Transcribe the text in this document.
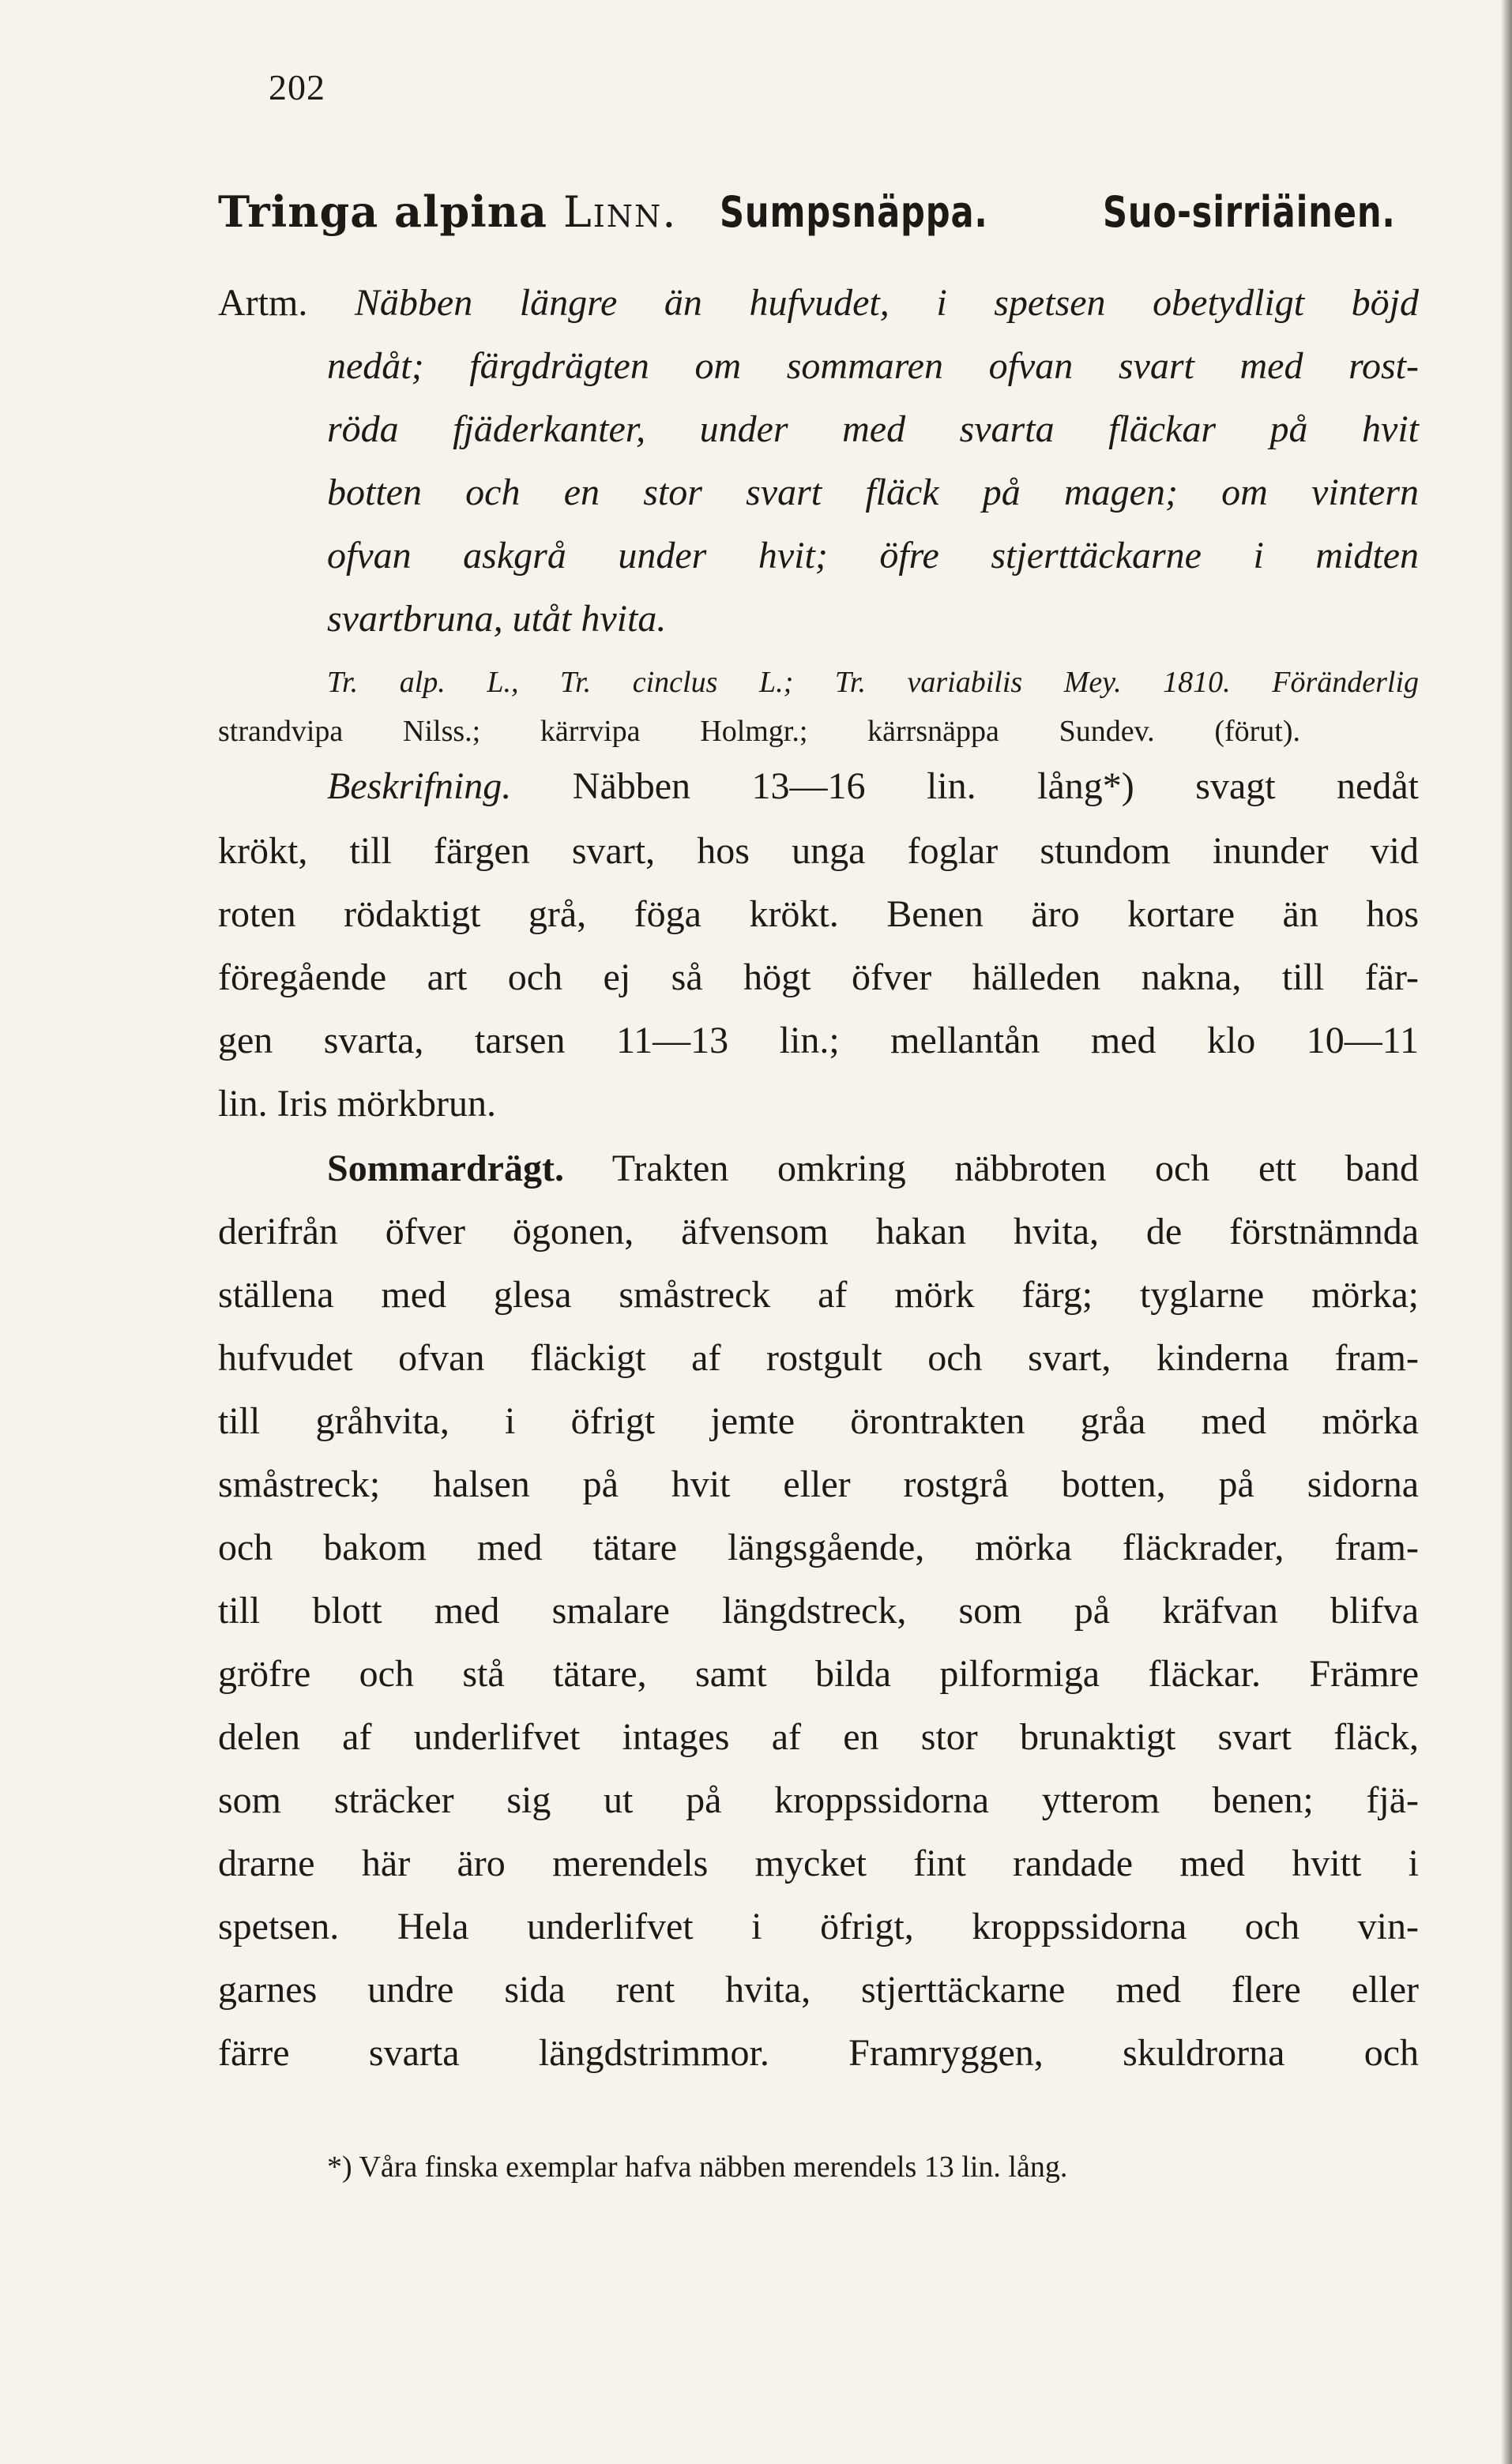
202
Tringa alpina Linn. Sumpsnäppa.	Suo-sirriäinen.
Artm. Näbben längre än hufvudet, i spetsen obetydligt böjd
nedåt; färgdrägten om sommaren ofvan svart med rost-
röda fjäderkanter, under med svarta fläckar på hvit
botten och en stor svart fläck på magen; om vintern
ofvan askgrå under hvit; öfre stjerttäckarne i midten
svartbruna, utåt hvita.
Tr. alp. L., Tr. cinclus L.; Tr. variabilis Mey. 1810. Föränderlig
strandvipa Nilss.; kärrvipa Holmgr.; kärrsnäppa Sundev. (förut).
Beskrifning. Näbben 13—16 lin. lång*) svagt nedåt
krökt, till färgen svart, hos unga foglar stundom inunder vid
roten rödaktigt grå, föga krökt. Benen äro kortare än hos
föregående art och ej så högt öfver hälleden nakna, till fär-
gen svarta, tarsen 11—13 lin.; mellantån med klo 10—11
lin. Iris mörkbrun.
Sommardrägt. Trakten omkring näbbroten och ett band
derifrån öfver ögonen, äfvensom hakan hvita, de förstnämnda
ställena med glesa småstreck af mörk färg; tyglarne mörka;
hufvudet ofvan fläckigt af rostgult och svart, kinderna fram-
till gråhvita, i öfrigt jemte örontrakten gråa med mörka
småstreck; halsen på hvit eller rostgrå botten, på sidorna
och bakom med tätare längsgående, mörka fläckrader, fram-
till blott med smalare längdstreck, som på kräfvan blifva
gröfre och stå tätare, samt bilda pilformiga fläckar. Främre
delen af underlifvet intages af en stor brunaktigt svart fläck,
som sträcker sig ut på kroppssidorna ytterom benen; fjä-
drarne här äro merendels mycket fint randade med hvitt i
spetsen. Hela underlifvet i öfrigt, kroppssidorna och vin-
garnes undre sida rent hvita, stjerttäckarne med flere eller
färre svarta längdstrimmor. Framryggen, skuldrorna och
*) Våra finska exemplar hafva näbben merendels 13 lin. lång.
